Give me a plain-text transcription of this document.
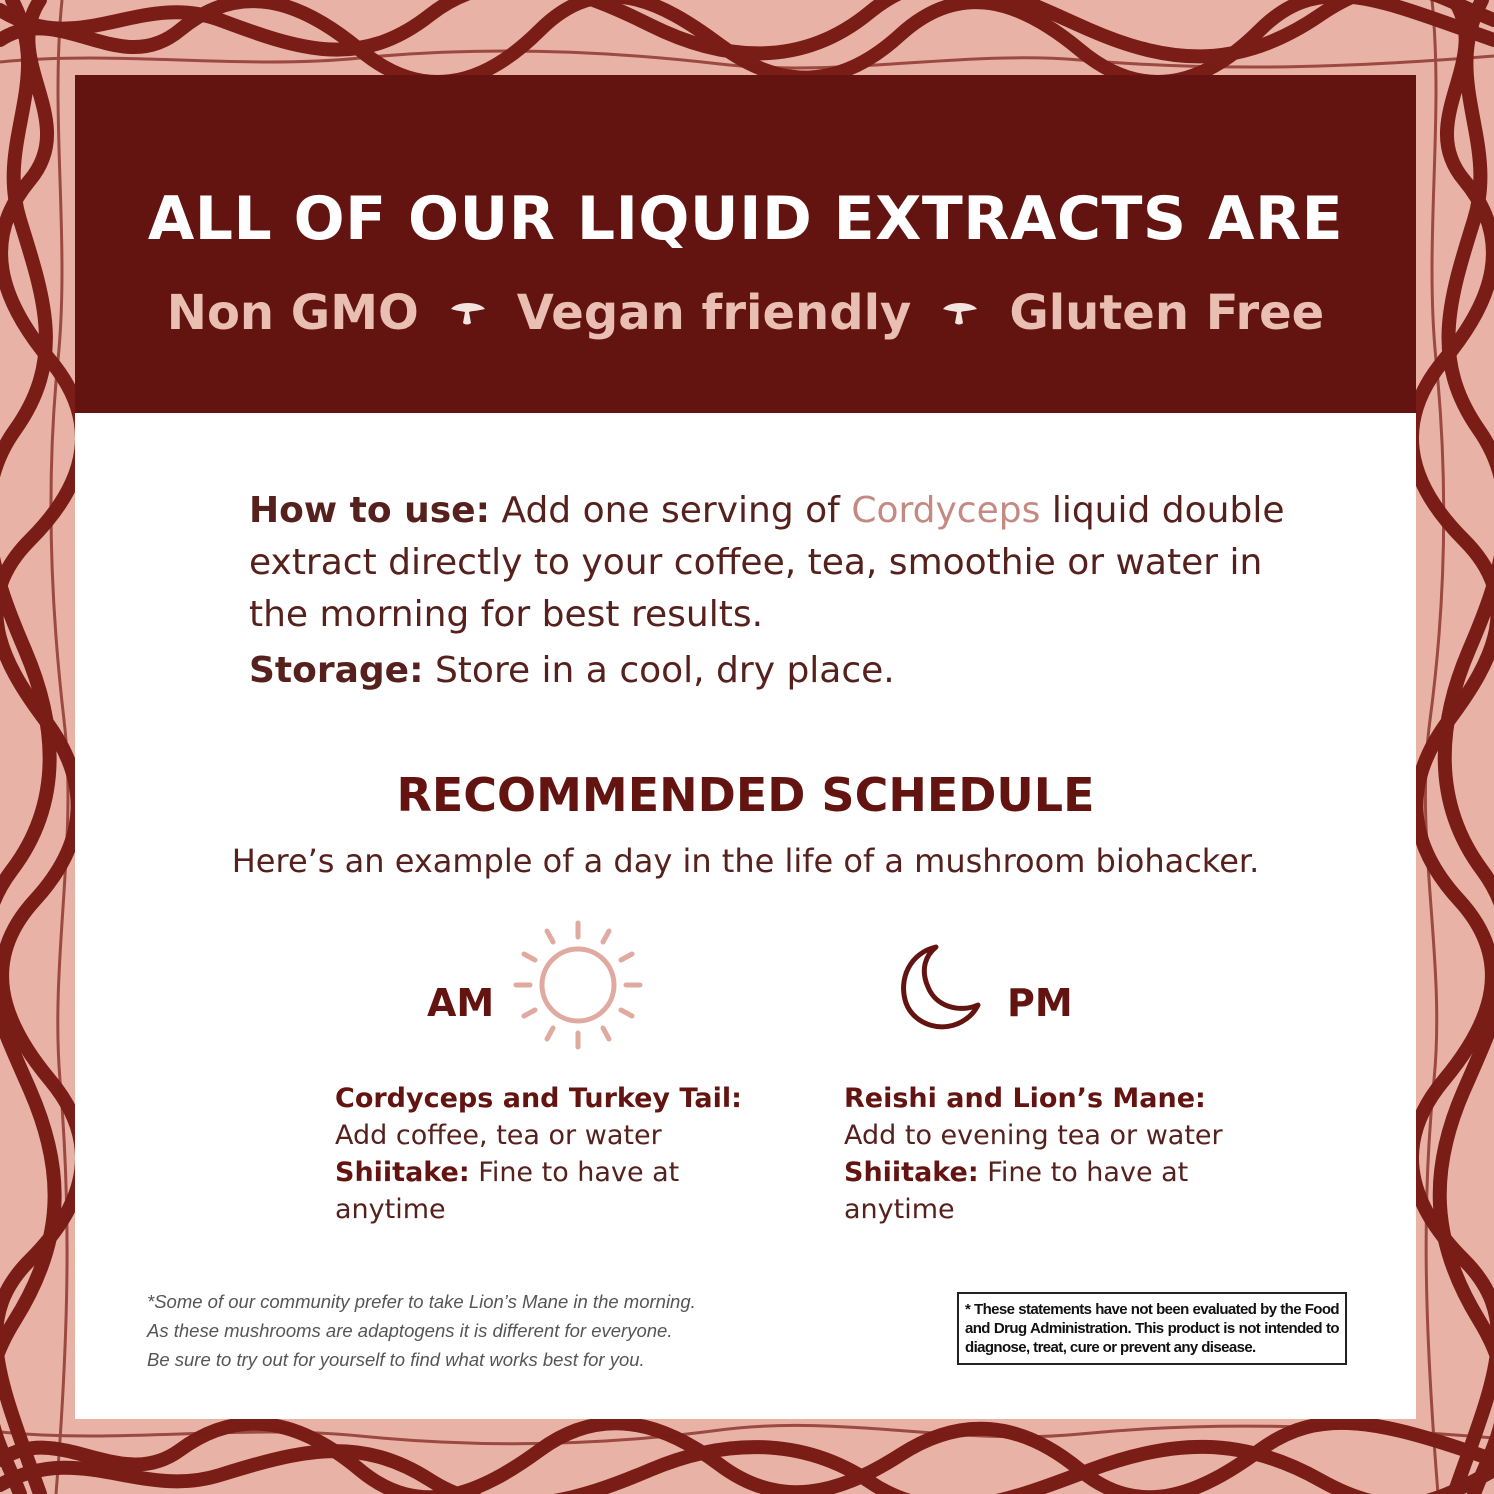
ALL OF OUR LIQUID EXTRACTS ARE
Non GMO Vegan friendly Gluten Free
How to use: Add one serving of Cordyceps liquid double extract directly to your coffee, tea, smoothie or water in the morning for best results.
Storage: Store in a cool, dry place.
RECOMMENDED SCHEDULE
Here’s an example of a day in the life of a mushroom biohacker.
AM	PM
Cordyceps and Turkey Tail:
Add coffee, tea or water
Shiitake: Fine to have at anytime
Reishi and Lion’s Mane:
Add to evening tea or water
Shiitake: Fine to have at anytime
*Some of our community prefer to take Lion’s Mane in the morning.
As these mushrooms are adaptogens it is different for everyone.
Be sure to try out for yourself to find what works best for you.
* These statements have not been evaluated by the Food and Drug Administration. This product is not intended to diagnose, treat, cure or prevent any disease.
